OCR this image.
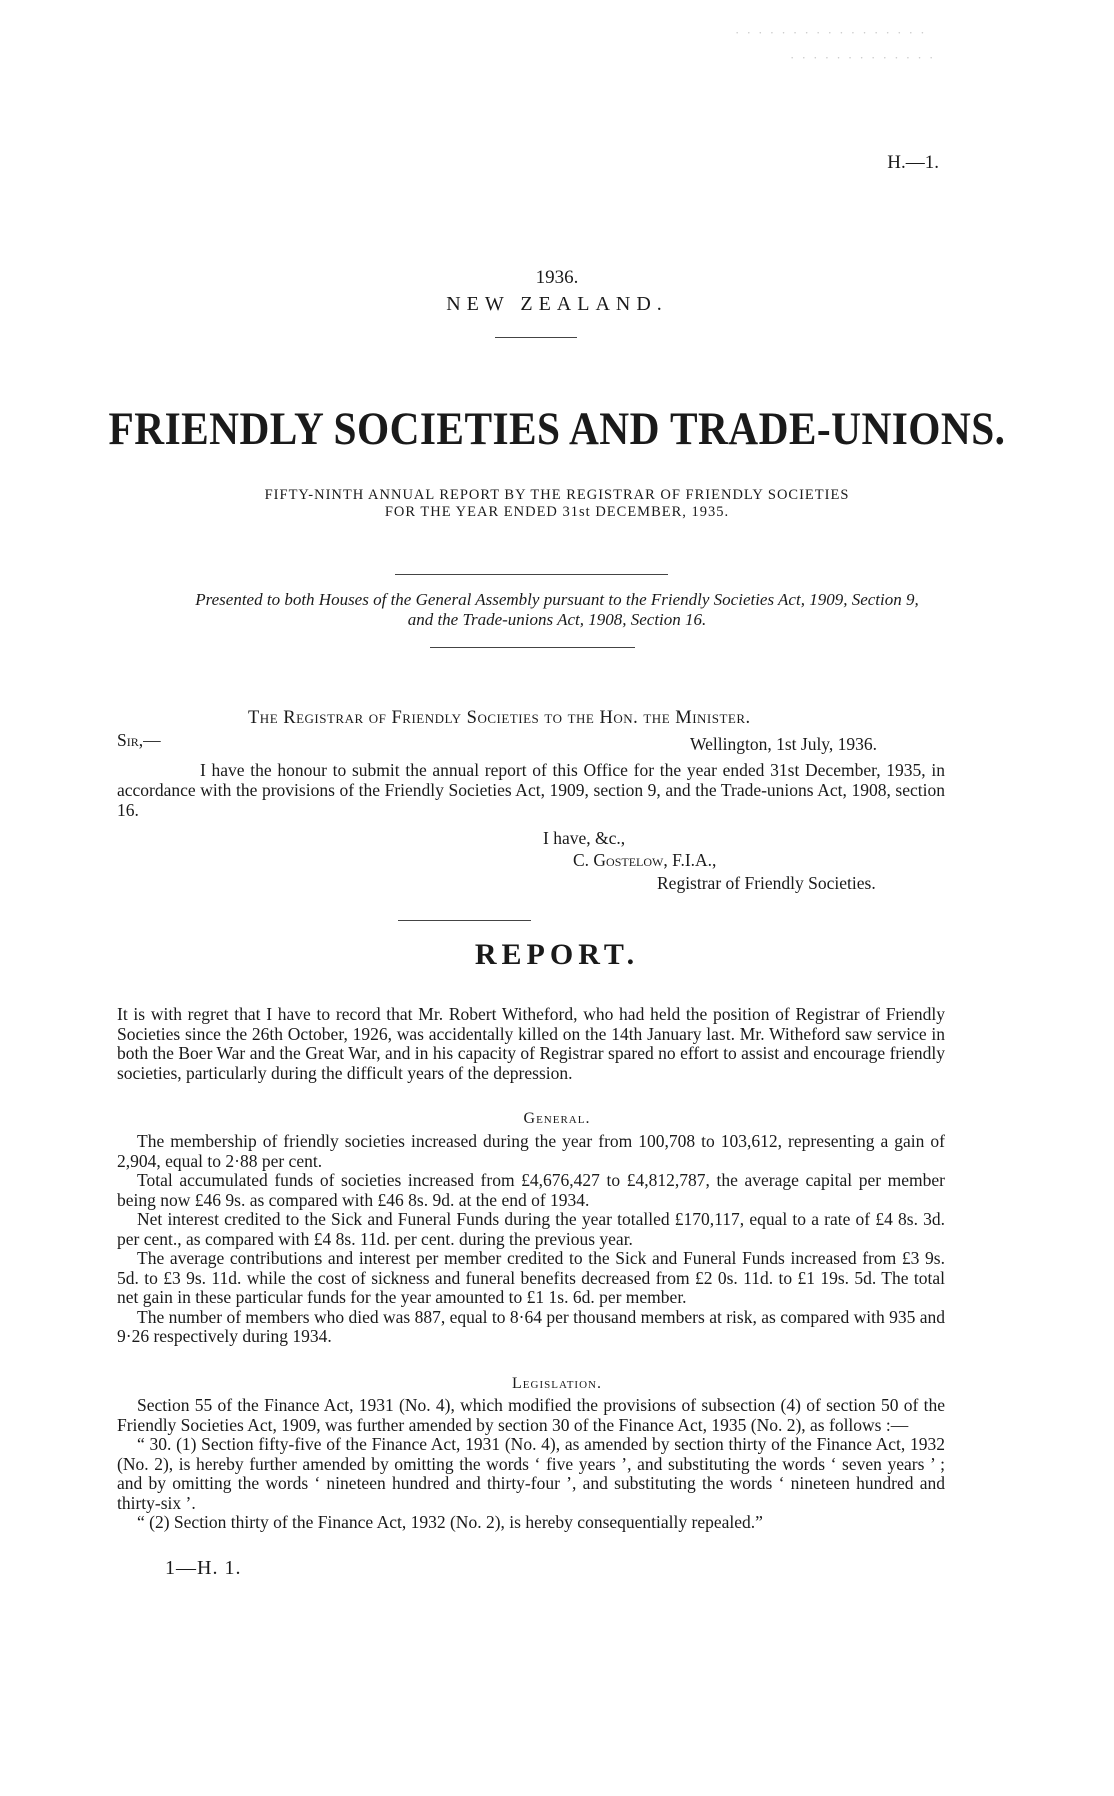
· · · · · · · · · · · · · · · · ·
· · · · · · · · · · · · ·
H.—1.
1936.
NEW ZEALAND.
FRIENDLY SOCIETIES AND TRADE-UNIONS.
FIFTY-NINTH ANNUAL REPORT BY THE REGISTRAR OF FRIENDLY SOCIETIES
FOR THE YEAR ENDED 31st DECEMBER, 1935.
Presented to both Houses of the General Assembly pursuant to the Friendly Societies Act, 1909, Section 9,
and the Trade-unions Act, 1908, Section 16.
The Registrar of Friendly Societies to the Hon. the Minister.
Sir,—	Wellington, 1st July, 1936.

I have the honour to submit the annual report of this Office for the year ended 31st December, 1935, in accordance with the provisions of the Friendly Societies Act, 1909, section 9, and the Trade-unions Act, 1908, section 16.

I have, &c.,
C. Gostelow, F.I.A.,
Registrar of Friendly Societies.
REPORT.

It is with regret that I have to record that Mr. Robert Witheford, who had held the position of Registrar of Friendly Societies since the 26th October, 1926, was accidentally killed on the 14th January last. Mr. Witheford saw service in both the Boer War and the Great War, and in his capacity of Registrar spared no effort to assist and encourage friendly societies, particularly during the difficult years of the depression.

General.

The membership of friendly societies increased during the year from 100,708 to 103,612, representing a gain of 2,904, equal to 2·88 per cent.

Total accumulated funds of societies increased from £4,676,427 to £4,812,787, the average capital per member being now £46 9s. as compared with £46 8s. 9d. at the end of 1934.

Net interest credited to the Sick and Funeral Funds during the year totalled £170,117, equal to a rate of £4 8s. 3d. per cent., as compared with £4 8s. 11d. per cent. during the previous year.

The average contributions and interest per member credited to the Sick and Funeral Funds increased from £3 9s. 5d. to £3 9s. 11d. while the cost of sickness and funeral benefits decreased from £2 0s. 11d. to £1 19s. 5d. The total net gain in these particular funds for the year amounted to £1 1s. 6d. per member.

The number of members who died was 887, equal to 8·64 per thousand members at risk, as compared with 935 and 9·26 respectively during 1934.

Legislation.

Section 55 of the Finance Act, 1931 (No. 4), which modified the provisions of subsection (4) of section 50 of the Friendly Societies Act, 1909, was further amended by section 30 of the Finance Act, 1935 (No. 2), as follows :—

“ 30. (1) Section fifty-five of the Finance Act, 1931 (No. 4), as amended by section thirty of the Finance Act, 1932 (No. 2), is hereby further amended by omitting the words ‘ five years ’, and substituting the words ‘ seven years ’ ; and by omitting the words ‘ nineteen hundred and thirty-four ’, and substituting the words ‘ nineteen hundred and thirty-six ’.

“ (2) Section thirty of the Finance Act, 1932 (No. 2), is hereby consequentially repealed.”

1—H. 1.
